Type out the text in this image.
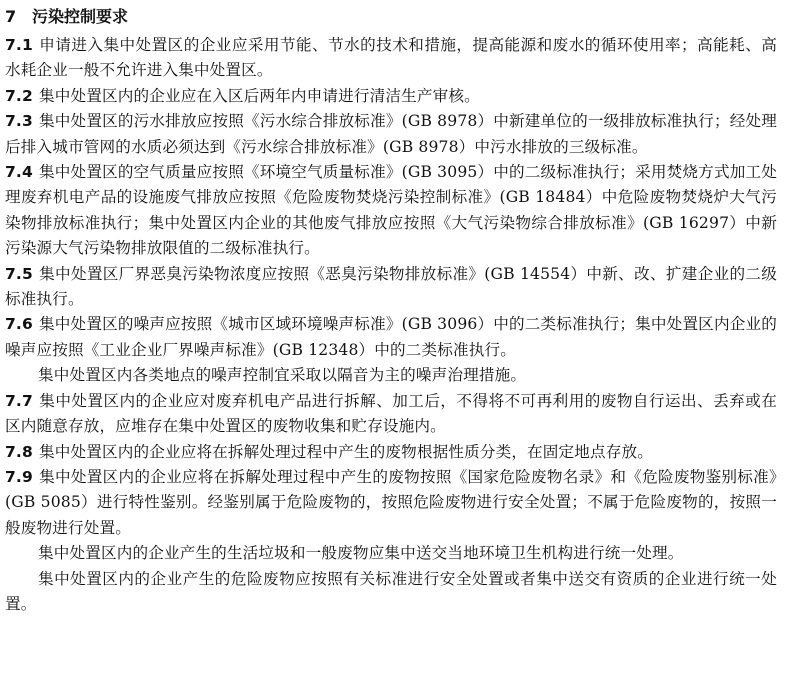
7 污染控制要求
7.1 申请进入集中处置区的企业应采用节能、节水的技术和措施，提高能源和废水的循环使用率；高能耗、高水耗企业一般不允许进入集中处置区。
7.2 集中处置区内的企业应在入区后两年内申请进行清洁生产审核。
7.3 集中处置区的污水排放应按照《污水综合排放标准》(GB 8978）中新建单位的一级排放标准执行；经处理后排入城市管网的水质必须达到《污水综合排放标准》(GB 8978）中污水排放的三级标准。
7.4 集中处置区的空气质量应按照《环境空气质量标准》(GB 3095）中的二级标准执行；采用焚烧方式加工处理废弃机电产品的设施废气排放应按照《危险废物焚烧污染控制标准》(GB 18484）中危险废物焚烧炉大气污染物排放标准执行；集中处置区内企业的其他废气排放应按照《大气污染物综合排放标准》(GB 16297）中新污染源大气污染物排放限值的二级标准执行。
7.5 集中处置区厂界恶臭污染物浓度应按照《恶臭污染物排放标准》(GB 14554）中新、改、扩建企业的二级标准执行。
7.6 集中处置区的噪声应按照《城市区域环境噪声标准》(GB 3096）中的二类标准执行；集中处置区内企业的噪声应按照《工业企业厂界噪声标准》(GB 12348）中的二类标准执行。
集中处置区内各类地点的噪声控制宜采取以隔音为主的噪声治理措施。
7.7 集中处置区内的企业应对废弃机电产品进行拆解、加工后，不得将不可再利用的废物自行运出、丢弃或在区内随意存放，应堆存在集中处置区的废物收集和贮存设施内。
7.8 集中处置区内的企业应将在拆解处理过程中产生的废物根据性质分类，在固定地点存放。
7.9 集中处置区内的企业应将在拆解处理过程中产生的废物按照《国家危险废物名录》和《危险废物鉴别标准》(GB 5085）进行特性鉴别。经鉴别属于危险废物的，按照危险废物进行安全处置；不属于危险废物的，按照一般废物进行处置。
集中处置区内的企业产生的生活垃圾和一般废物应集中送交当地环境卫生机构进行统一处理。
集中处置区内的企业产生的危险废物应按照有关标准进行安全处置或者集中送交有资质的企业进行统一处置。
